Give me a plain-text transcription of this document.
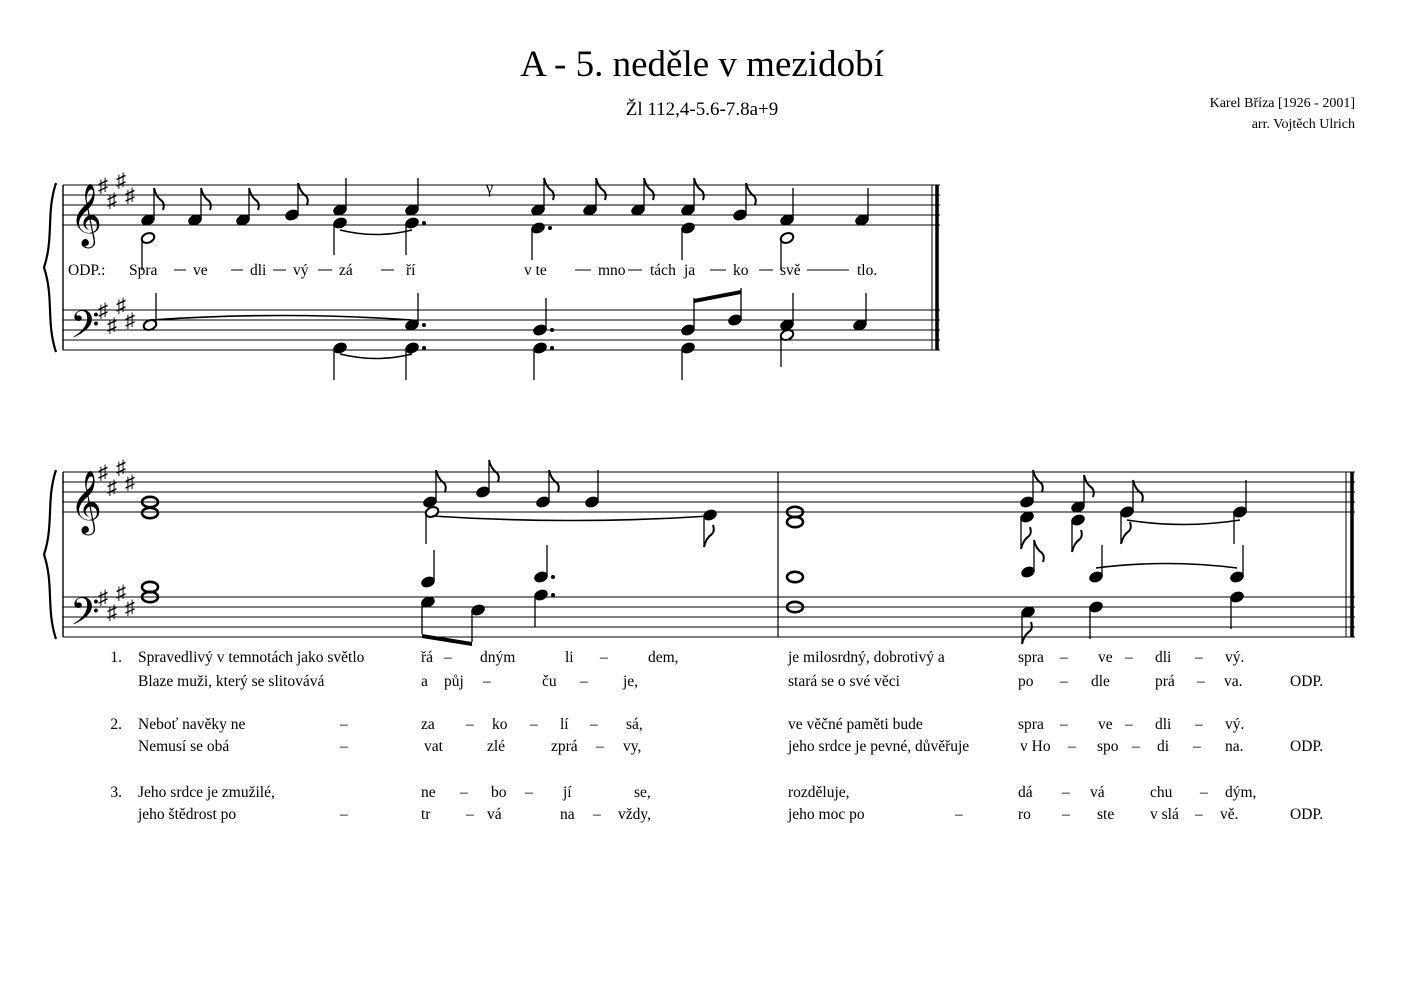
A - 5. neděle v mezidobí
Žl 112,4-5.6-7.8a+9	Karel Bříza [1926 - 2001]
arr. Vojtěch Ulrich
ODP.:
𝄞
𝄢
♯
♯
♯
♯
♯
♯
♯
♯
𝄞
𝄢
♯
♯
♯
♯
♯
♯
♯
♯
γ
Spra ve	dli vý zá	ří	v te	mno tách ja ko svě	tlo.
1. Spravedlivý v temnotách jako světlo	řá – dným	li –	dem,	je milosrdný, dobrotivý a	spra – ve – dli – vý.
Blaze muži, který se slitovává	a půj –	ču – je,	stará se o své věci	po – dle	prá – va.	ODP.
2. Neboť navěky ne	–	za – ko – lí – sá,	ve věčné paměti bude	spra – ve – dli – vý.
Nemusí se obá	–	vat	zlé	zprá – vy,	jeho srdce je pevné, důvěřuje	v Ho – spo – di – na.	ODP.
3. Jeho srdce je zmužilé,	ne – bo – jí	se,	rozděluje,	dá – vá	chu – dým,
jeho štědrost po	–	tr – vá	na – vždy,	jeho moc po	–	ro – ste v slá – vě.	ODP.
